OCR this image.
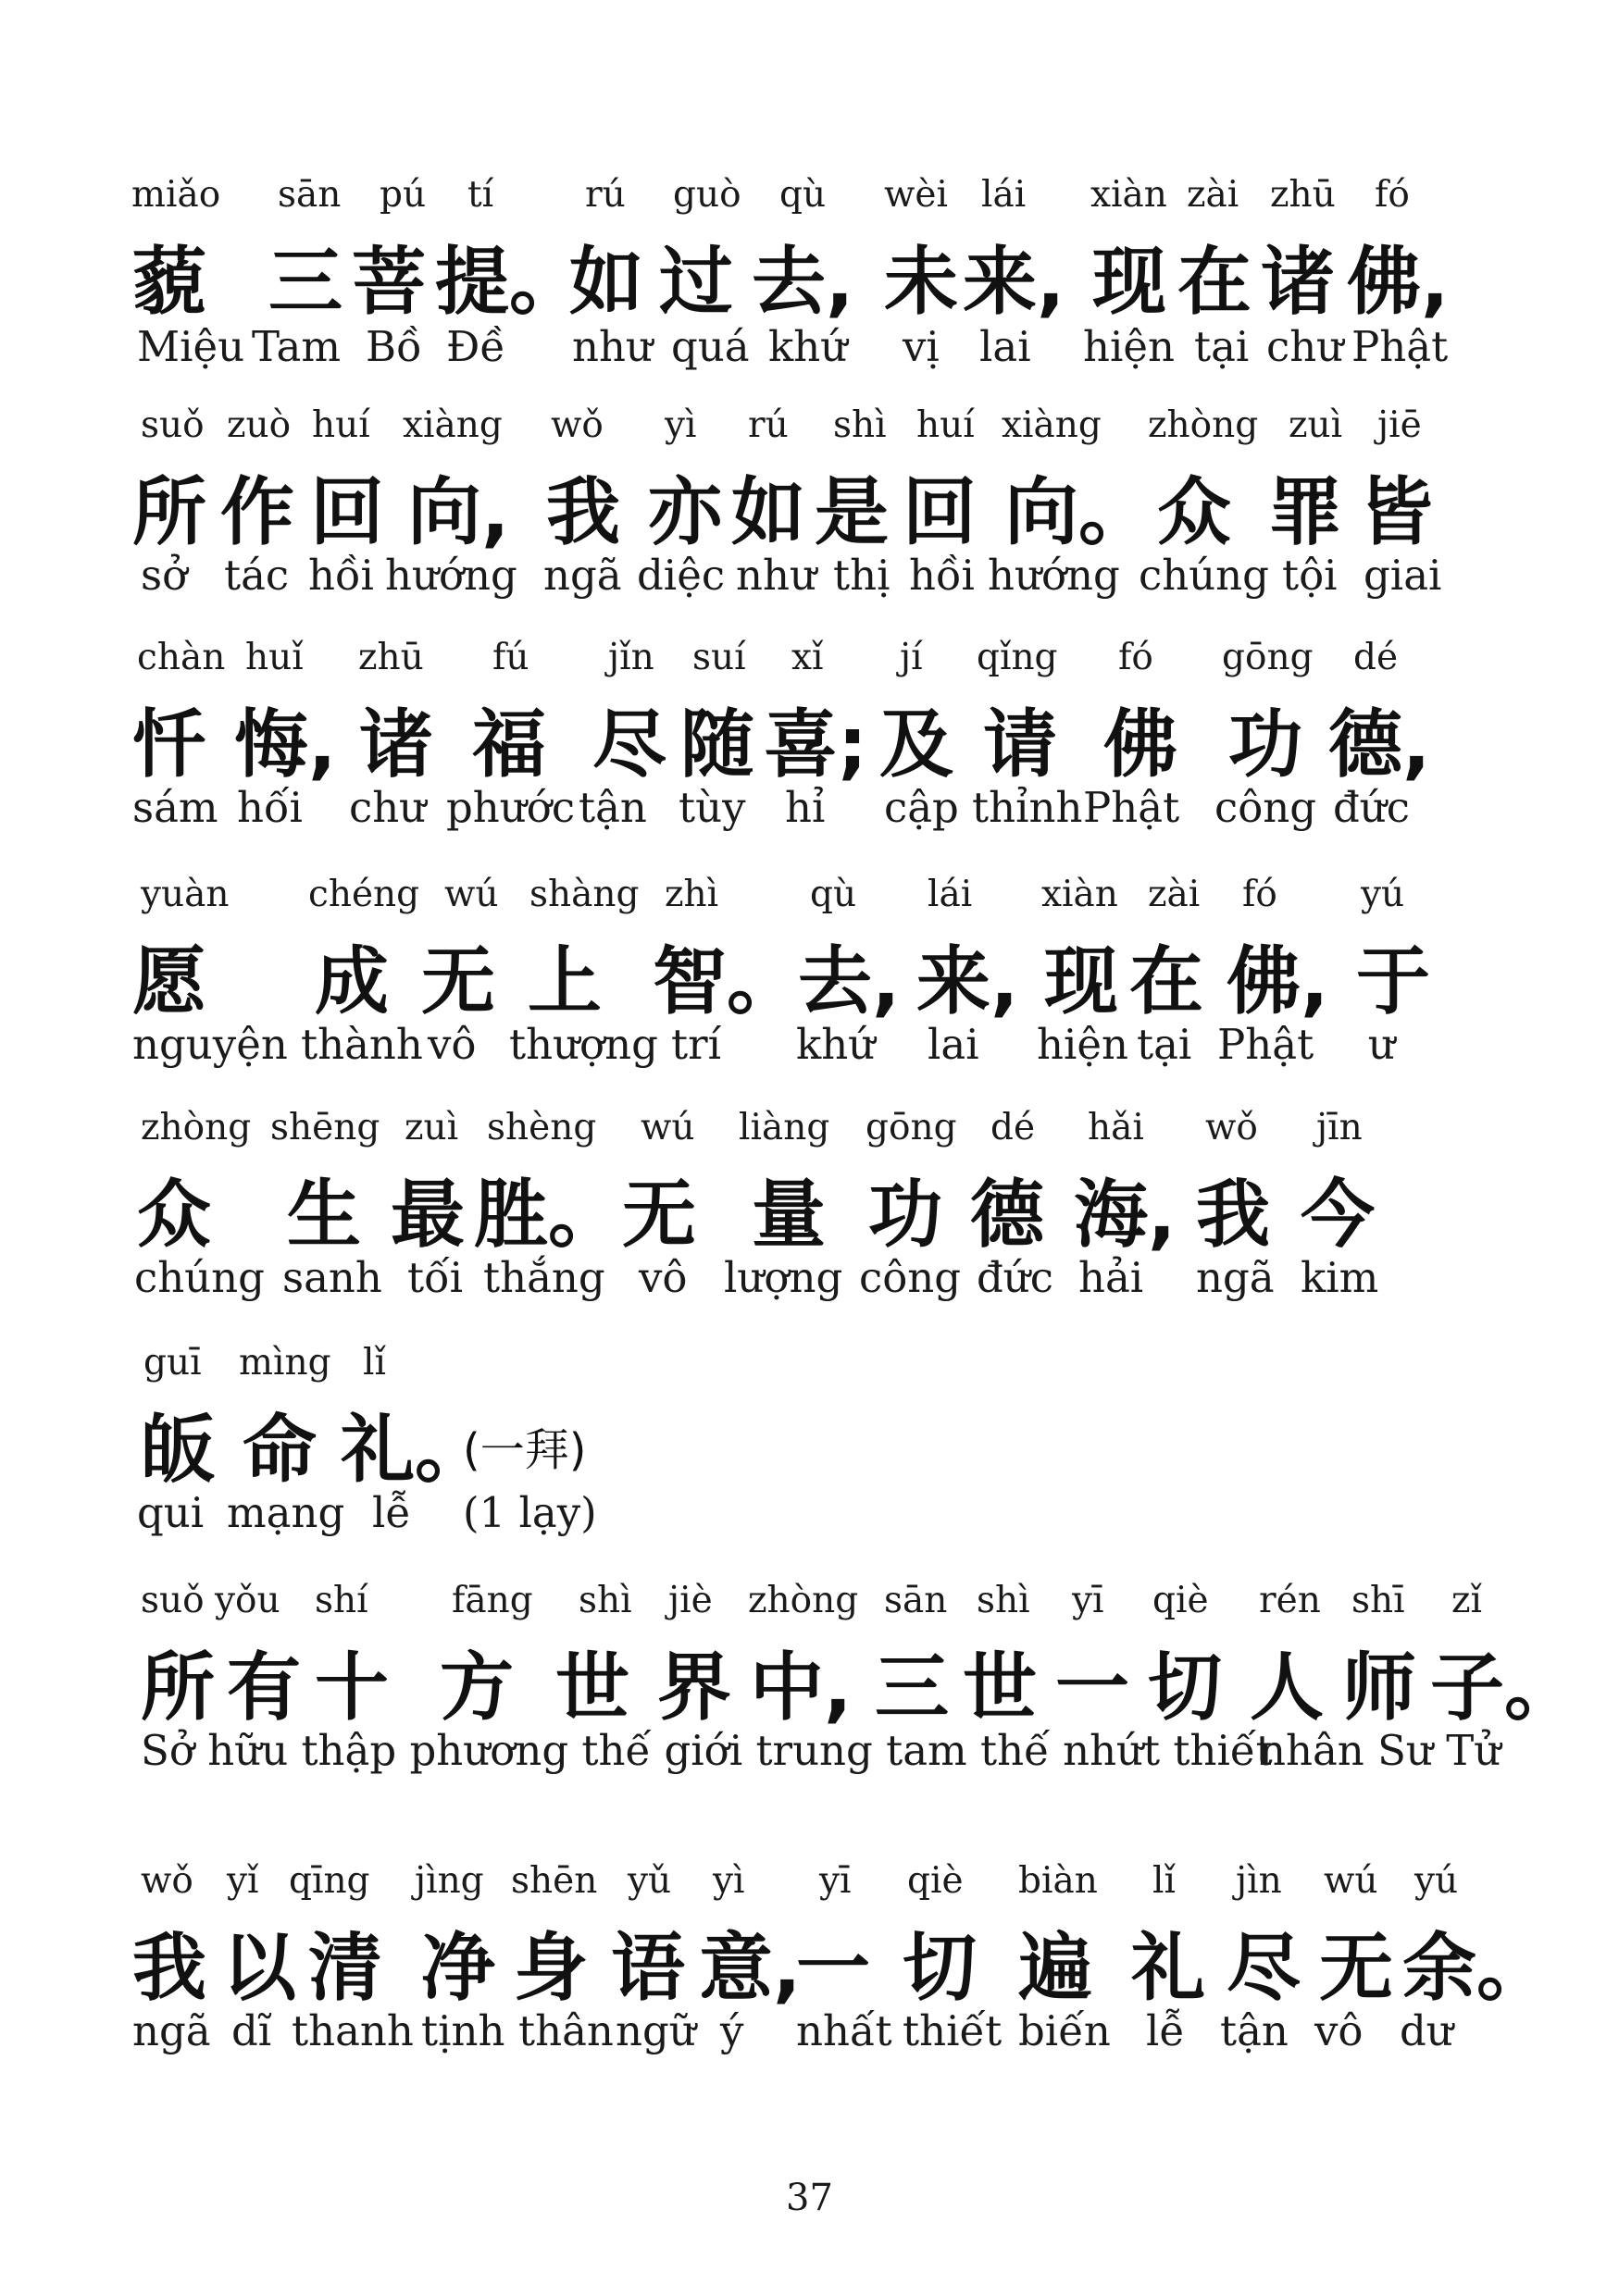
miǎo sān pú tí	rú guò qù wèi lái xiàn zài zhū fó
藐 三 菩 提。
如 过 去, 未 来, 现 在 诸 佛,
Miệu Tam Bồ Đề như quá khứ vị lai hiện tại chư Phật
suǒ zuò huí xiàng wǒ yì rú shì huí xiàng zhòng zuì jiē
所 作 回 向, 我 亦 如 是 回 向。 众 罪 皆
sở tác hồi hướng ngã diệc như thị hồi hướng chúng tội giai
chàn huǐ zhū fú jǐn suí xǐ jí qǐng fó gōng dé
忏 悔, 诸 福 尽 随 喜; 及 请 佛 功 德,
sám hối chư phước tận tùy hỉ cập thỉnh Phật công đức
yuàn chéng wú shàng zhì	qù lái xiàn zài fó yú
愿 成 无 上 智。
去, 来, 现 在 佛, 于
nguyện thành vô thượng trí khứ lai hiện tại Phật ư
zhòng shēng zuì shèng wú liàng gōng dé hǎi wǒ jīn
众 生 最 胜。 无 量 功 德 海, 我 今
chúng sanh tối thắng vô lượng công đức hải ngã kim
guī mìng lǐ
皈 命 礼。
(一拜)
qui mạng lễ (1 lạy)
suǒ yǒu shí fāng shì jiè zhòng sān shì yī qiè rén shī zǐ
所 有 十 方 世 界 中, 三 世 一 切 人 师 子。
Sở hữu thập phương thế giới trung tam thế nhứt thiết
nhân Sư Tử
wǒ yǐ qīng jìng shēn yǔ yì yī qiè biàn lǐ jìn wú yú
我 以 清 净 身 语 意,
一 切 遍 礼 尽 无 余。
ngã dĩ thanh tịnh thân ngữ ý nhất thiết biến lễ tận vô dư
37
